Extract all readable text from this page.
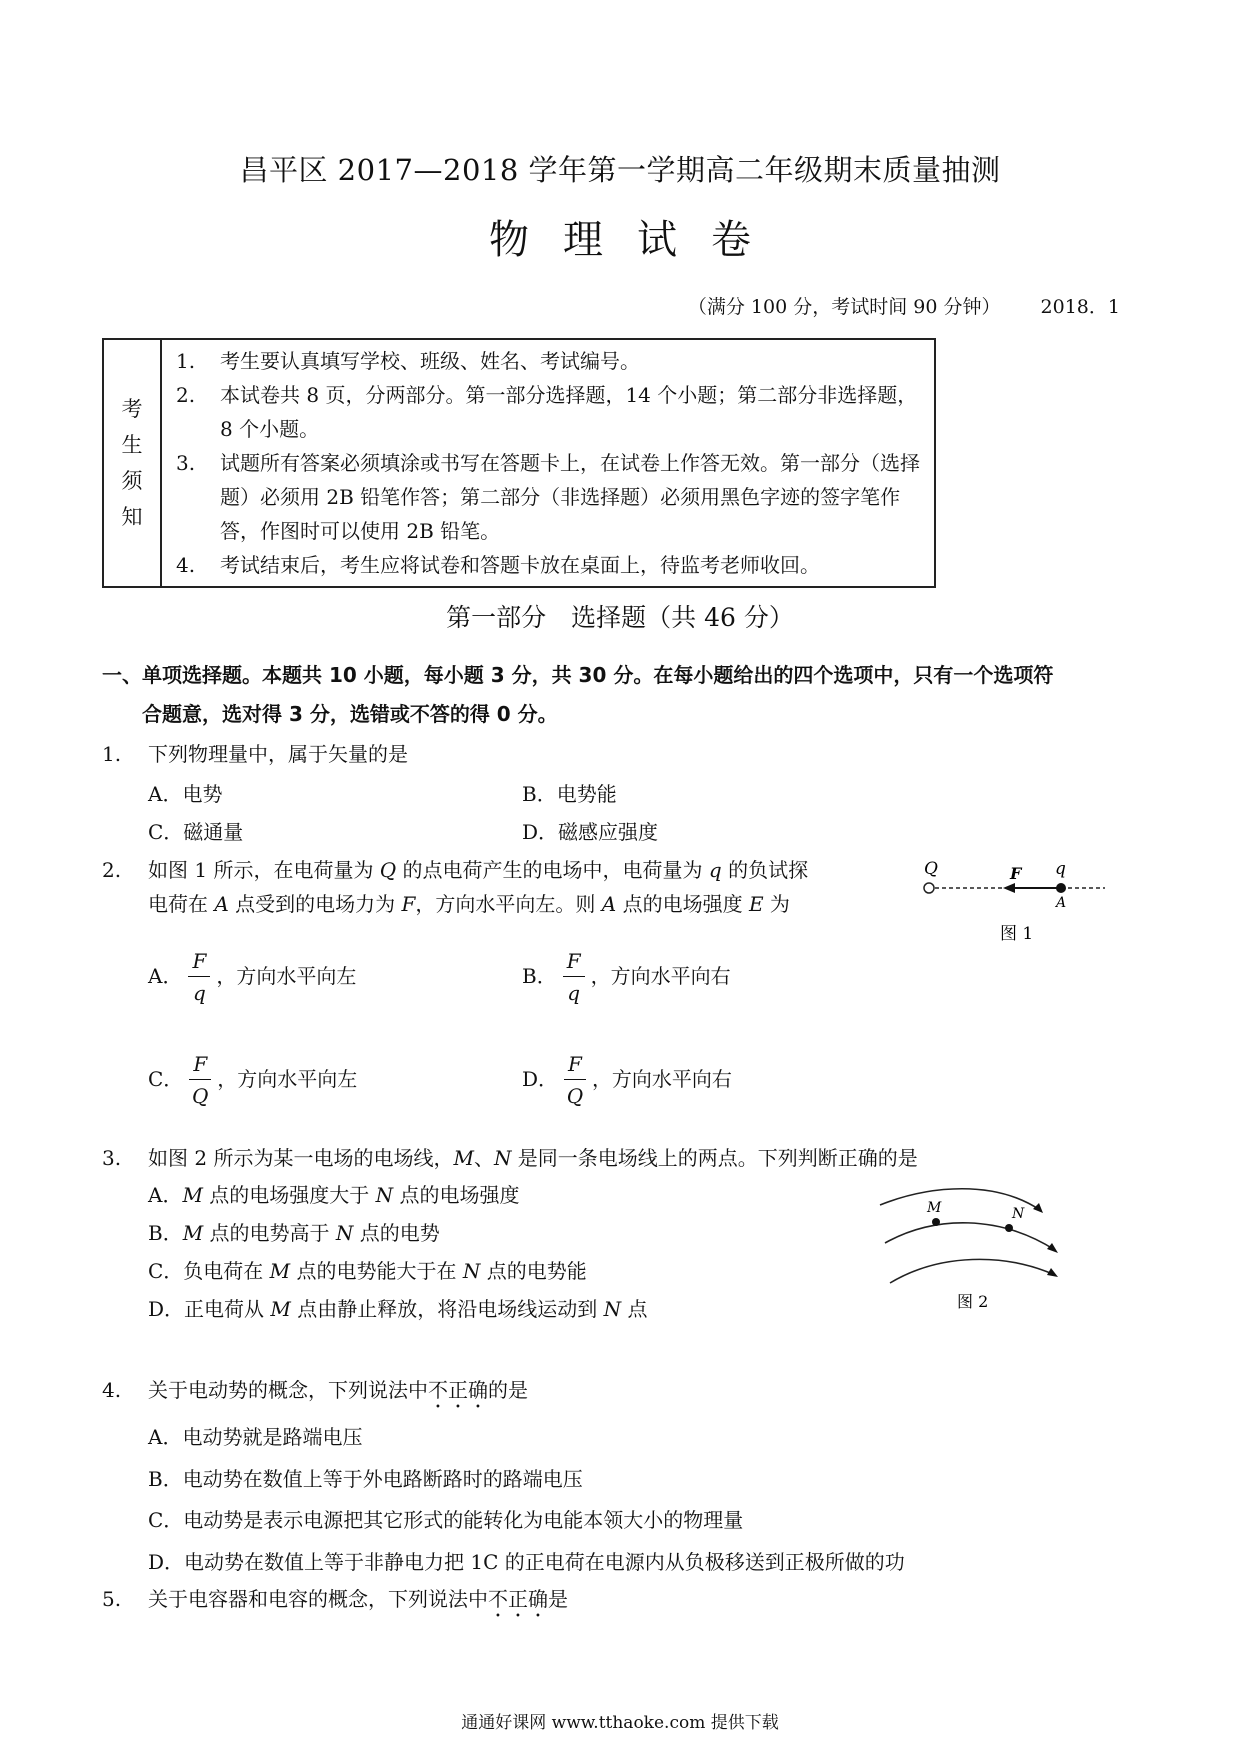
昌平区 2017—2018 学年第一学期高二年级期末质量抽测
物理试卷
（满分 100 分，考试时间 90 分钟） 2018．1
考
生
须
知

1.	考生要认真填写学校、班级、姓名、考试编号。
2.	本试卷共 8 页，分两部分。第一部分选择题，14 个小题；第二部分非选择题，8 个小题。
3.	试题所有答案必须填涂或书写在答题卡上，在试卷上作答无效。第一部分（选择题）必须用 2B 铅笔作答；第二部分（非选择题）必须用黑色字迹的签字笔作答，作图时可以使用 2B 铅笔。
4.	考试结束后，考生应将试卷和答题卡放在桌面上，待监考老师收回。
第一部分　选择题（共 46 分）
一、单项选择题。本题共 10 小题，每小题 3 分，共 30 分。在每小题给出的四个选项中，只有一个选项符
合题意，选对得 3 分，选错或不答的得 0 分。
1. 下列物理量中，属于矢量的是
A．电势	B．电势能
C．磁通量	D．磁感应强度
2. 如图 1 所示，在电荷量为 Q 的点电荷产生的电场中，电荷量为 q 的负试探
电荷在 A 点受到的电场力为 F，方向水平向左。则 A 点的电场强度 E 为
Q	F q
A
图 1
A． $\frac{F}{q}$ ，方向水平向左	B． $\frac{F}{q}$ ，方向水平向右
C． $\frac{F}{Q}$ ，方向水平向左	D． $\frac{F}{Q}$ ，方向水平向右
3. 如图 2 所示为某一电场的电场线，M、N 是同一条电场线上的两点。下列判断正确的是
A．M 点的电场强度大于 N 点的电场强度
B．M 点的电势高于 N 点的电势
C．负电荷在 M 点的电势能大于在 N 点的电势能
D．正电荷从 M 点由静止释放，将沿电场线运动到 N 点
M	N
图 2
4. 关于电动势的概念，下列说法中不正确的是
A．电动势就是路端电压
B．电动势在数值上等于外电路断路时的路端电压
C．电动势是表示电源把其它形式的能转化为电能本领大小的物理量
D．电动势在数值上等于非静电力把 1C 的正电荷在电源内从负极移送到正极所做的功
5. 关于电容器和电容的概念，下列说法中不正确是
通通好课网 www.tthaoke.com 提供下载
